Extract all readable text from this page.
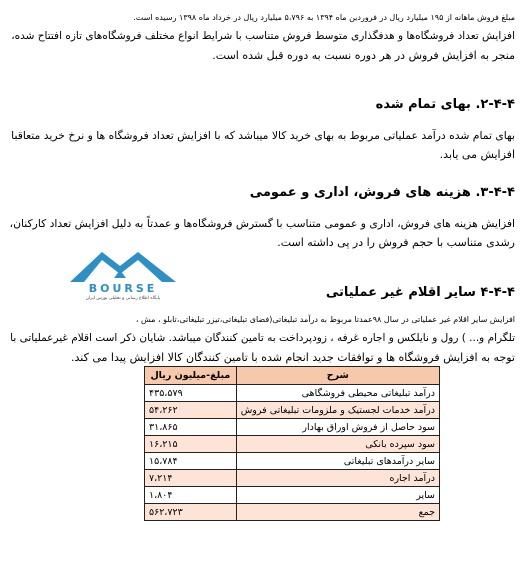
مبلغ فروش ماهانه از ۱۹۵ میلیارد ریال در فروردین ماه ۱۳۹۴ به ۵،۷۹۶ میلیارد ریال در خرداد ماه ۱۳۹۸ رسیده است.
افزایش تعداد فروشگاه‌ها و هدفگذاری متوسط فروش متناسب با شرایط انواع مختلف فروشگاه‌های تازه افتتاح شده،
منجر به افزایش فروش در هر دوره نسبت به دوره قبل شده است.

۲-۴-۴. بهای تمام شده

بهای تمام شده درآمد عملیاتی مربوط به بهای خرید کالا میباشد که با افزایش تعداد فروشگاه ها و نرخ خرید متعاقبا
افزایش می یابد.

۳-۴-۴. هزینه های فروش، اداری و عمومی

افزایش هزینه های فروش، اداری و عمومی متناسب با گسترش فروشگاه‌ها و عمدتاً به دلیل افزایش تعداد کارکنان،
رشدی متناسب با حجم فروش را در پی داشته است.

BOURSE
پایگاه اطلاع رسانی و تحلیلی بورس ایران	۴-۴-۴ سایر اقلام غیر عملیاتی

افزایش سایر اقلام غیر عملیاتی در سال ۹۸عمدتا مربوط به درآمد تبلیغاتی(فضای تبلیغاتی،تیزر تبلیغاتی،تابلو ، مش ،
تلگرام و... ) رول و نایلکس و اجاره غرفه ، زودپرداخت به تامین کنندگان میباشد. شایان ذکر است اقلام غیرعملیاتی با
توجه به افزایش فروشگاه ها و توافقات جدید انجام شده با تامین کنندگان کالا افزایش پیدا می کند.

شرح	مبلغ-میلیون ریال
درآمد تبلیغاتی محیطی فروشگاهی	۴۳۵،۵۷۹
درآمد خدمات لجستیک و ملزومات تبلیغاتی فروش	۵۴،۲۶۲
سود حاصل از فروش اوراق بهادار	۳۱،۸۶۵
سود سپرده بانکی	۱۶،۲۱۵
سایر درآمدهای تبلیغاتی	۱۵،۷۸۴
درآمد اجاره	۷،۲۱۴
سایر	۱،۸۰۴
جمع	۵۶۲،۷۲۳
